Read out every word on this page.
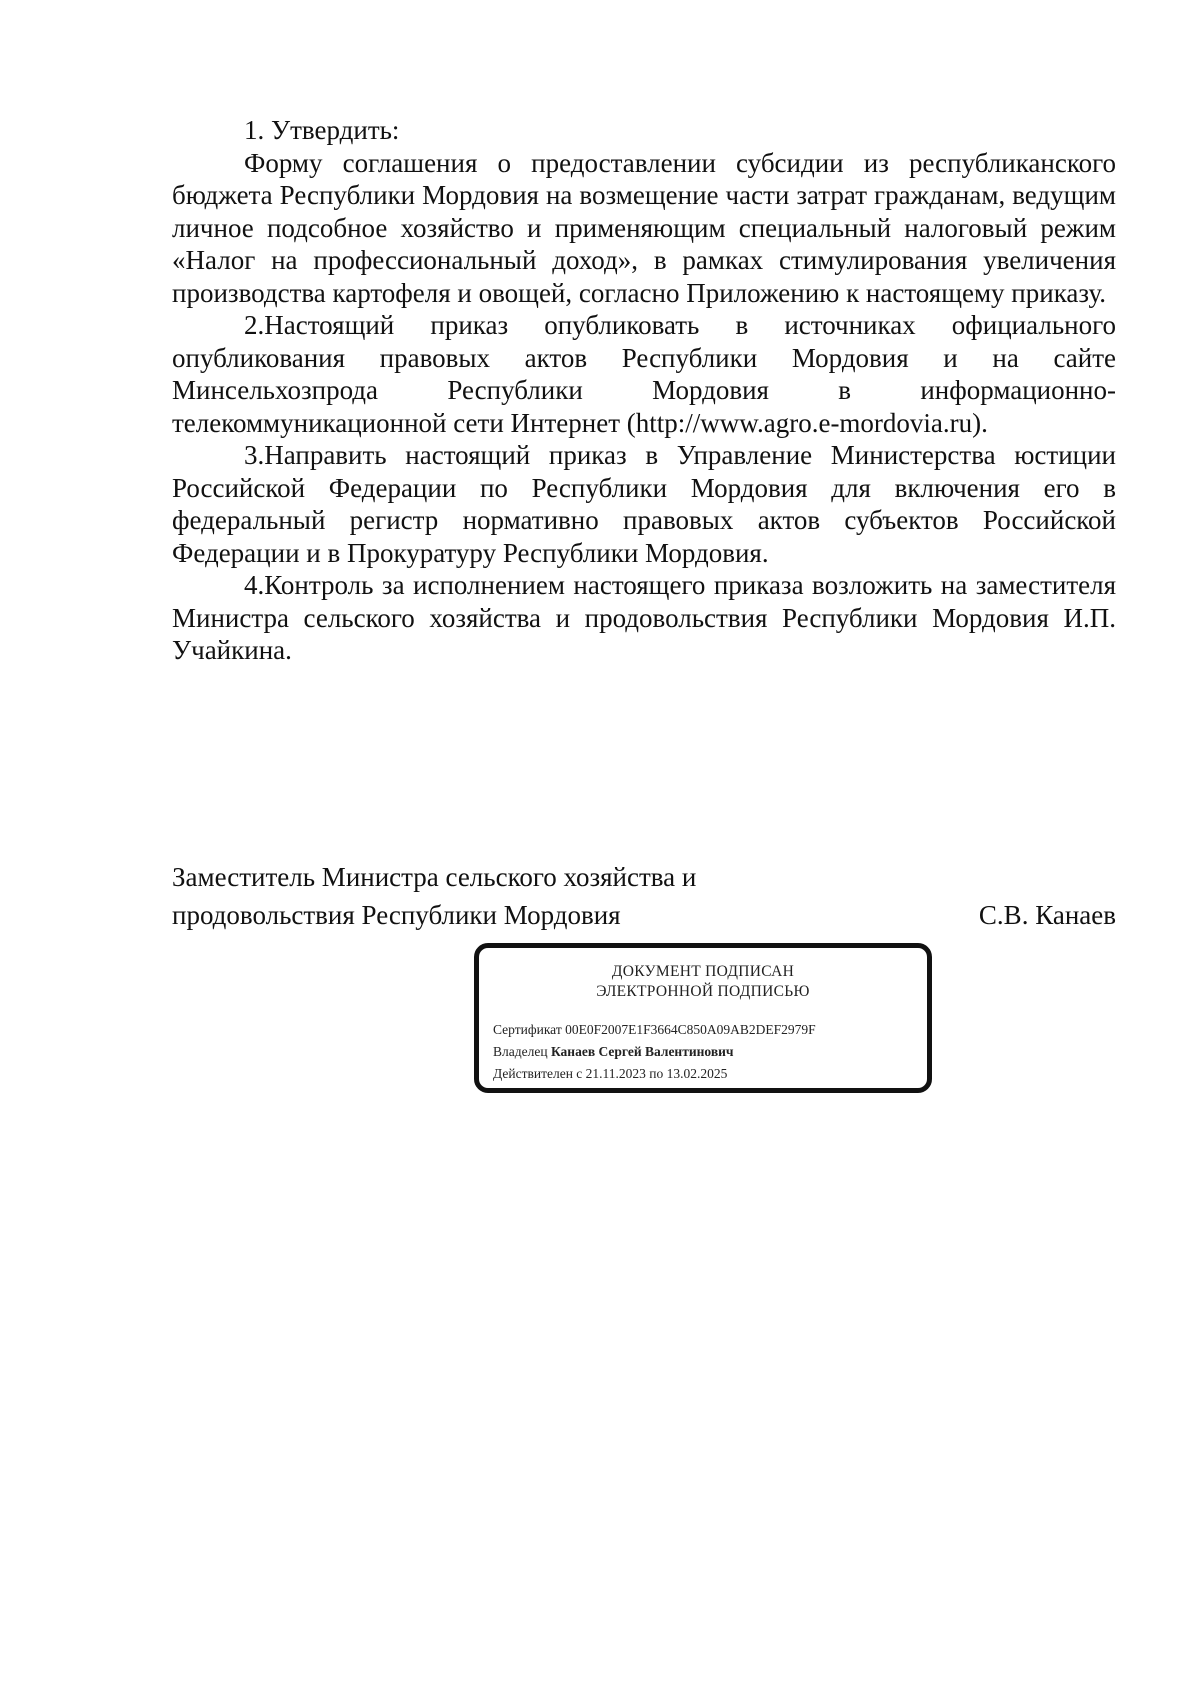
1. Утвердить:

Форму соглашения о предоставлении субсидии из республиканского бюджета Республики Мордовия на возмещение части затрат гражданам, ведущим личное подсобное хозяйство и применяющим специальный налоговый режим «Налог на профессиональный доход», в рамках стимулирования увеличения производства картофеля и овощей, согласно Приложению к настоящему приказу.

2.Настоящий приказ опубликовать в источниках официального опубликования правовых актов Республики Мордовия и на сайте Минсельхозпрода Республики Мордовия в информационно-телекоммуникационной сети Интернет (http://www.agro.e-mordovia.ru).

3.Направить настоящий приказ в Управление Министерства юстиции Российской Федерации по Республики Мордовия для включения его в федеральный регистр нормативно правовых актов субъектов Российской Федерации и в Прокуратуру Республики Мордовия.

4.Контроль за исполнением настоящего приказа возложить на заместителя Министра сельского хозяйства и продовольствия Республики Мордовия И.П. Учайкина.

Заместитель Министра сельского хозяйства и
продовольствия Республики Мордовия	С.В. Канаев
ДОКУМЕНТ ПОДПИСАН
ЭЛЕКТРОННОЙ ПОДПИСЬЮ
Сертификат 00E0F2007E1F3664C850A09AB2DEF2979F
Владелец Канаев Сергей Валентинович
Действителен с 21.11.2023 по 13.02.2025
